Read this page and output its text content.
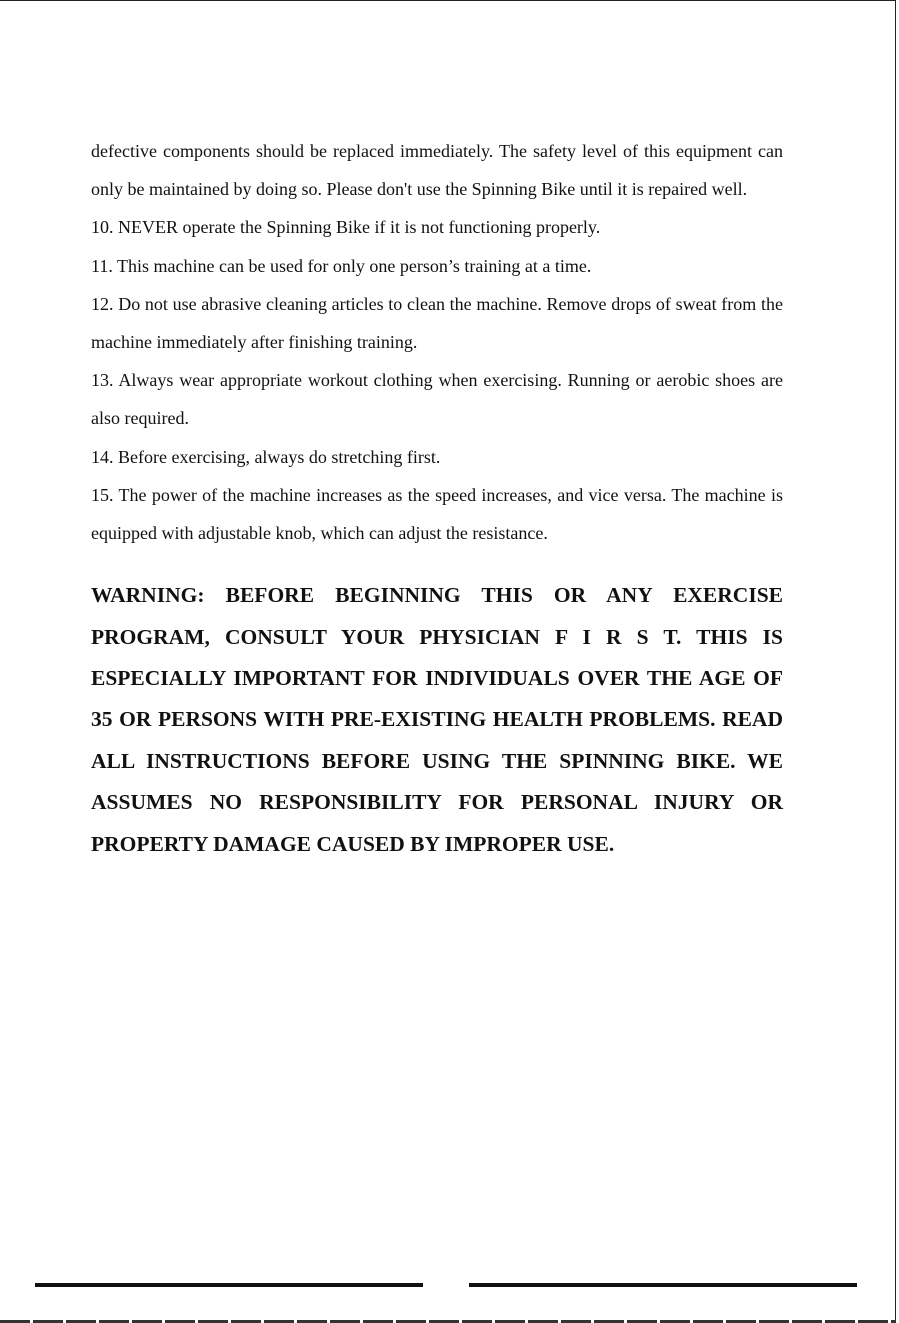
defective components should be replaced immediately. The safety level of this equipment can only be maintained by doing so. Please don't use the Spinning Bike until it is repaired well.

10. NEVER operate the Spinning Bike if it is not functioning properly.
11. This machine can be used for only one person’s training at a time.
12. Do not use abrasive cleaning articles to clean the machine. Remove drops of sweat from the machine immediately after finishing training.
13. Always wear appropriate workout clothing when exercising. Running or aerobic shoes are also required.
14. Before exercising, always do stretching first.
15. The power of the machine increases as the speed increases, and vice versa. The machine is equipped with adjustable knob, which can adjust the resistance.

WARNING: BEFORE BEGINNING THIS OR ANY EXERCISE PROGRAM, CONSULT YOUR PHYSICIAN F I R S T. THIS IS ESPECIALLY IMPORTANT FOR INDIVIDUALS OVER THE AGE OF 35 OR PERSONS WITH PRE-EXISTING HEALTH PROBLEMS. READ ALL INSTRUCTIONS BEFORE USING THE SPINNING BIKE. WE ASSUMES NO RESPONSIBILITY FOR PERSONAL INJURY OR PROPERTY DAMAGE CAUSED BY IMPROPER USE.
